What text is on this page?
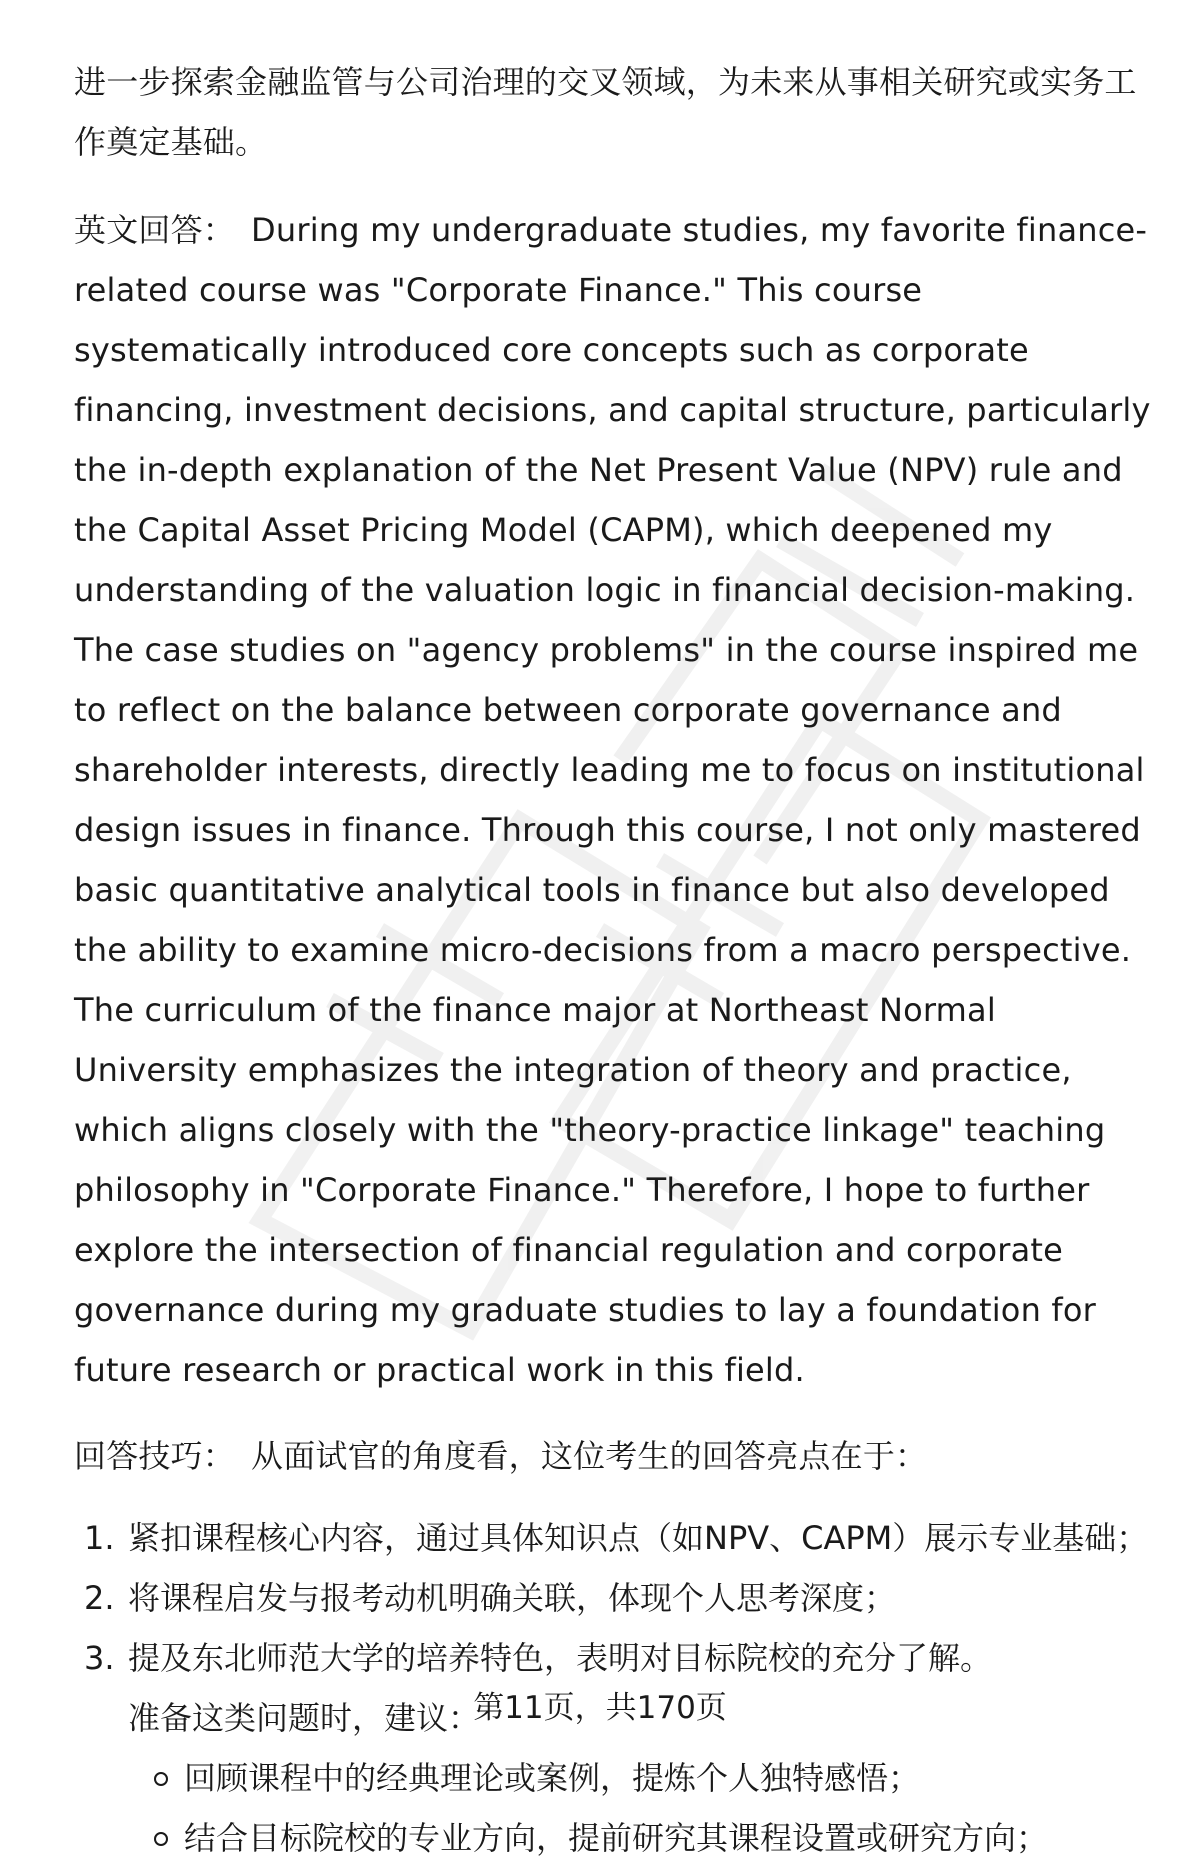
进一步探索金融监管与公司治理的交叉领域，为未来从事相关研究或实务工作奠定基础。

英文回答： During my undergraduate studies, my favorite finance-related course was "Corporate Finance." This course systematically introduced core concepts such as corporate financing, investment decisions, and capital structure, particularly the in-depth explanation of the Net Present Value (NPV) rule and the Capital Asset Pricing Model (CAPM), which deepened my understanding of the valuation logic in financial decision-making. The case studies on "agency problems" in the course inspired me to reflect on the balance between corporate governance and shareholder interests, directly leading me to focus on institutional design issues in finance. Through this course, I not only mastered basic quantitative analytical tools in finance but also developed the ability to examine micro-decisions from a macro perspective. The curriculum of the finance major at Northeast Normal University emphasizes the integration of theory and practice, which aligns closely with the "theory-practice linkage" teaching philosophy in "Corporate Finance." Therefore, I hope to further explore the intersection of financial regulation and corporate governance during my graduate studies to lay a foundation for future research or practical work in this field.

回答技巧： 从面试官的角度看，这位考生的回答亮点在于：

1. 紧扣课程核心内容，通过具体知识点（如NPV、CAPM）展示专业基础；
2. 将课程启发与报考动机明确关联，体现个人思考深度；
3. 提及东北师范大学的培养特色，表明对目标院校的充分了解。
准备这类问题时，建议：
回顾课程中的经典理论或案例，提炼个人独特感悟；
结合目标院校的专业方向，提前研究其课程设置或研究方向；
第11页，共170页
